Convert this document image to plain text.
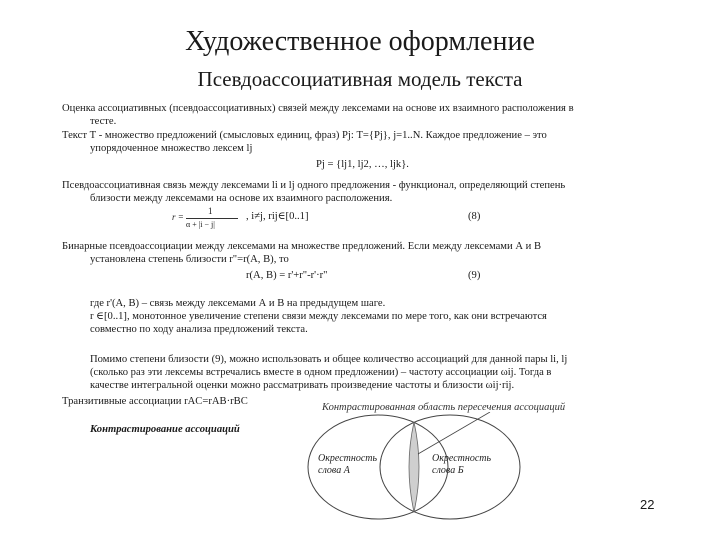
Художественное оформление
Псевдоассоциативная модель текста
Оценка ассоциативных (псевдоассоциативных) связей между лексемами на основе их взаимного расположения в
тесте.
Текст Т - множество предложений (смысловых единиц, фраз) Рj: Т={Рj}, j=1..N. Каждое предложение – это
упорядоченное множество лексем lj
Рj = {lj1, lj2, …, ljk}.
Псевдоассоциативная связь между лексемами li и lj одного предложения - функционал, определяющий степень
близости между лексемами на основе их взаимного расположения.
r =
1
α + |i − j|
, i≠j, rij∈[0..1]	(8)
Бинарные псевдоассоциации между лексемами на множестве предложений. Если между лексемами А и В
установлена степень близости r"=r(A, B), то
r(A, B) = r'+r"-r'·r"	(9)
где r'(A, B) – связь между лексемами А и В на предыдущем шаге.
r ∈[0..1], монотонное увеличение степени связи между лексемами по мере того, как они встречаются
совместно по ходу анализа предложений текста.
Помимо степени близости (9), можно использовать и общее количество ассоциаций для данной пары li, lj
(сколько раз эти лексемы встречались вместе в одном предложении) – частоту ассоциации ωij. Тогда в
качестве интегральной оценки можно рассматривать произведение частоты и близости ωij·rij.
Транзитивные ассоциации rAC=rAB·rBC
Контрастирование ассоциаций
Контрастированная область пересечения ассоциаций
Окрестность
слова А
Окрестность
слова Б
22
